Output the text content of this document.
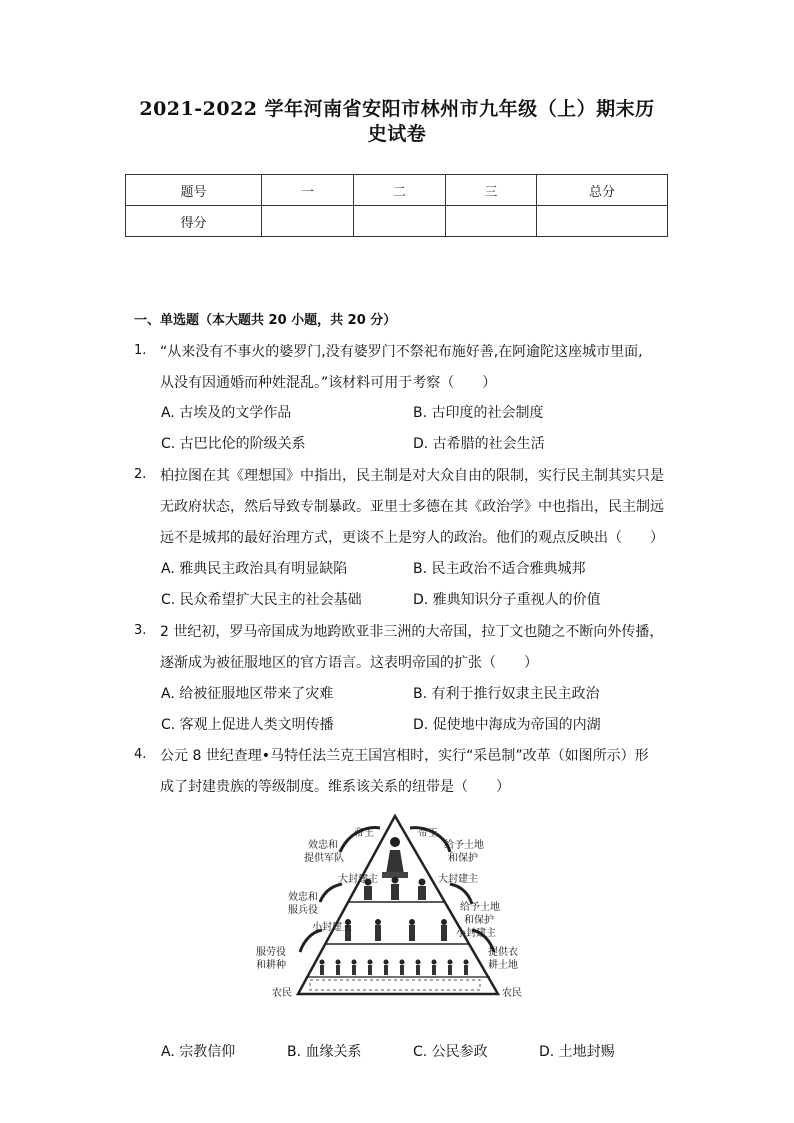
2021-2022 学年河南省安阳市林州市九年级（上）期末历
史试卷
题号	一	二	三	总分
得分				
一、单选题（本大题共 20 小题，共 20 分）
1. “从来没有不事火的婆罗门,没有婆罗门不祭祀布施好善,在阿逾陀这座城市里面,
从没有因通婚而种姓混乱。”该材料可用于考察（　　）
A. 古埃及的文学作品	B. 古印度的社会制度
C. 古巴比伦的阶级关系	D. 古希腊的社会生活
2. 柏拉图在其《理想国》中指出，民主制是对大众自由的限制，实行民主制其实只是
无政府状态，然后导致专制暴政。亚里士多德在其《政治学》中也指出，民主制远
远不是城邦的最好治理方式，更谈不上是穷人的政治。他们的观点反映出（　　）
A. 雅典民主政治具有明显缺陷	B. 民主政治不适合雅典城邦
C. 民众希望扩大民主的社会基础	D. 雅典知识分子重视人的价值
3. 2 世纪初，罗马帝国成为地跨欧亚非三洲的大帝国，拉丁文也随之不断向外传播，
逐渐成为被征服地区的官方语言。这表明帝国的扩张（　　）
A. 给被征服地区带来了灾难	B. 有利于推行奴隶主民主政治
C. 客观上促进人类文明传播	D. 促使地中海成为帝国的内湖
4. 公元 8 世纪查理•马特任法兰克王国宫相时，实行“采邑制”改革（如图所示）形
成了封建贵族的等级制度。维系该关系的纽带是（　　）
帝王	帝王
效忠和
提供军队
给予土地
和保护
大封建主	大封建主
效忠和
服兵役	给予土地
和保护
小封建主
小封建主
服劳役
和耕种
提供衣
耕土地
农民	农民
A. 宗教信仰	B. 血缘关系	C. 公民参政	D. 土地封赐
